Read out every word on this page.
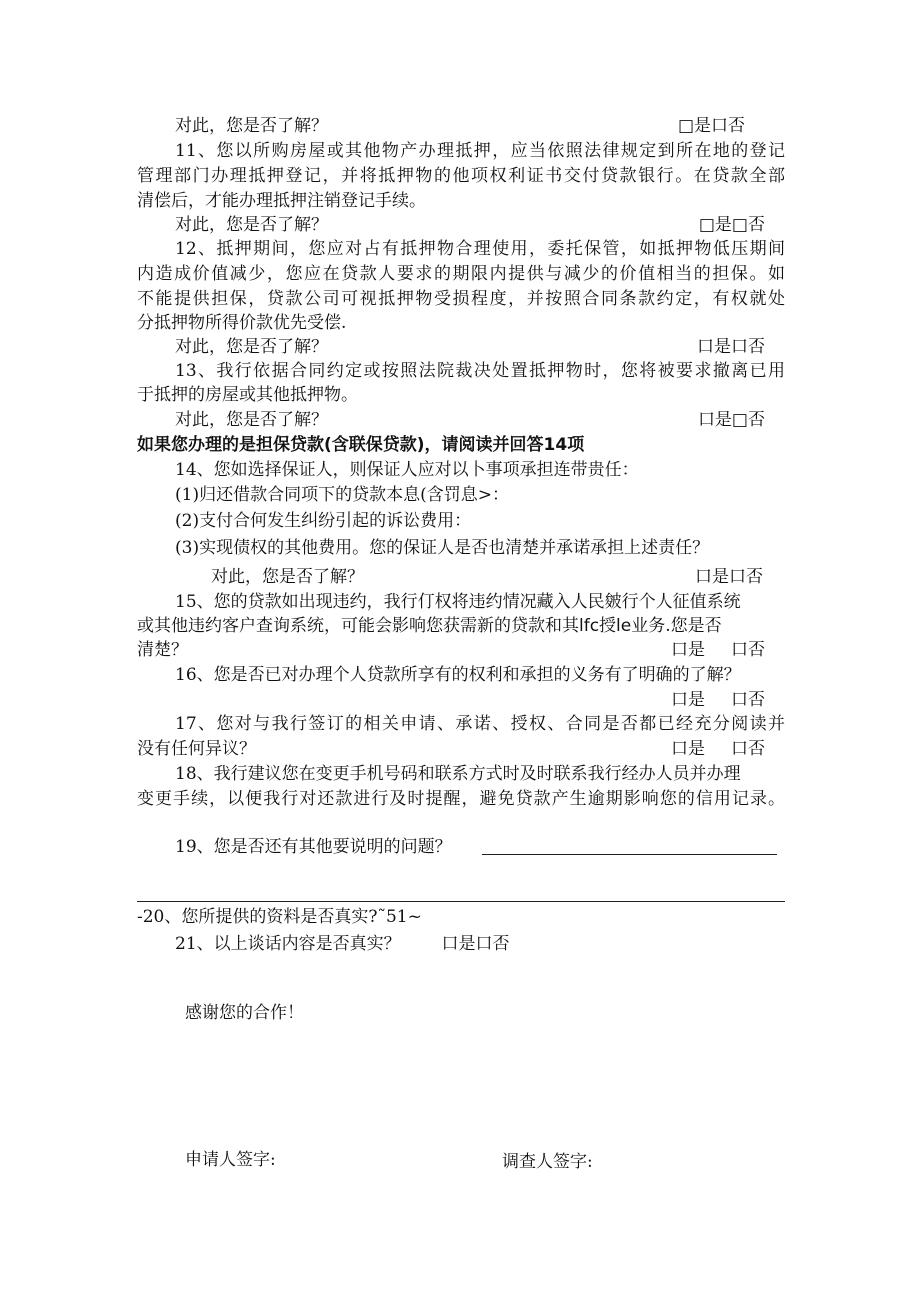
对此，您是否了解？	□是口否
11、您以所购房屋或其他物产办理抵押，应当依照法律规定到所在地的登记
管理部门办理抵押登记，并将抵押物的他项权利证书交付贷款银行。在贷款全部
清偿后，才能办理抵押注销登记手续。
对此，您是否了解？	□是□否
12、抵押期间，您应对占有抵押物合理使用，委托保管，如抵押物低压期间
内造成价值减少，您应在贷款人要求的期限内提供与减少的价值相当的担保。如
不能提供担保，贷款公司可视抵押物受损程度，并按照合同条款约定，有权就处
分抵押物所得价款优先受偿.
对此，您是否了解？	口是口否
13、我行依据合同约定或按照法院裁决处置抵押物时，您将被要求撤离已用
于抵押的房屋或其他抵押物。
对此，您是否了解？	口是□否
如果您办理的是担保贷款(含联保贷款)，请阅读并回答14项
14、您如选择保证人，则保证人应对以卜事项承担连带贵任：
(1)归还借款合同项下的贷款本息(含罚息>：
(2)支付合何发生纠纷引起的诉讼费用：
(3)实现债权的其他费用。您的保证人是否也清楚并承诺承担上述责任？
对此，您是否了解？	口是口否
15、您的贷款如出现违约，我行仃权将违约情况藏入人民皴行个人征值系统
或其他违约客户查询系统，可能会影响您获需新的贷款和其lfc授le业务.您是否
清楚？	口是 口否
16、您是否已对办理个人贷款所享有的权利和承担的义务有了明确的了解？
口是 口否
17、您对与我行签订的相关申请、承诺、授权、合同是否都已经充分阅读并
没有任何异议？	口是 口否
18、我行建议您在变更手机号码和联系方式时及时联系我行经办人员并办理
变更手续，以便我行对还款进行及时提醒，避免贷款产生逾期影响您的信用记录。
19、您是否还有其他要说明的问题？
-20、您所提供的资料是否真实?˜51~
21、以上谈话内容是否真实？ 口是口否
感谢您的合作！
申请人签字:	调查人签字:
